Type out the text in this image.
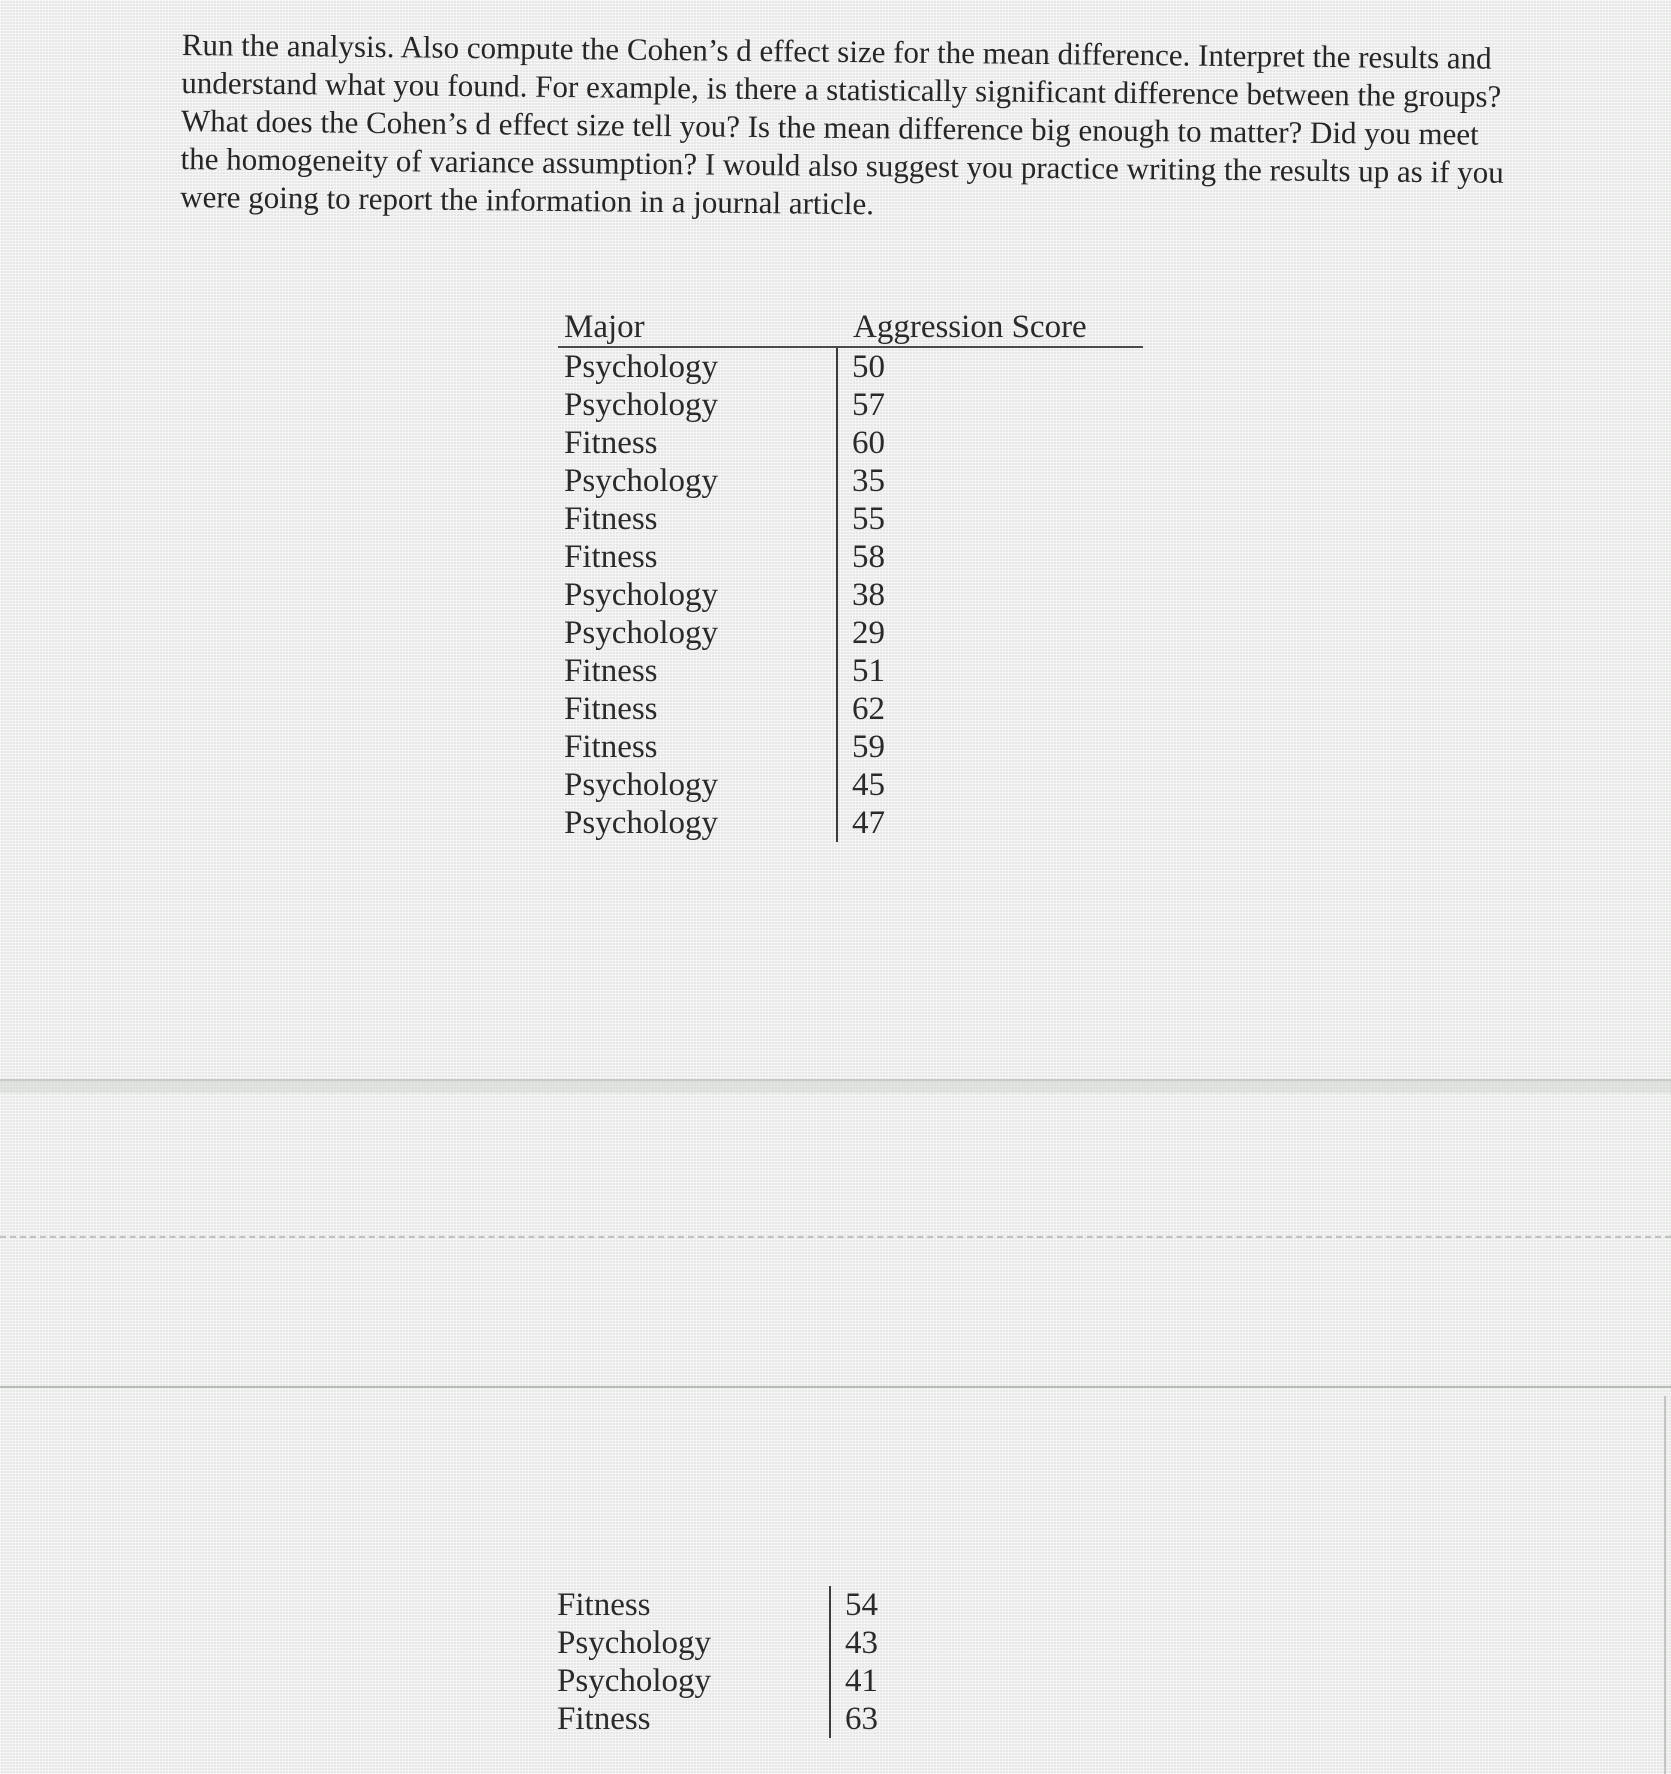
Run the analysis. Also compute the Cohen’s d effect size for the mean difference. Interpret the results and understand what you found. For example, is there a statistically significant difference between the groups? What does the Cohen’s d effect size tell you? Is the mean difference big enough to matter? Did you meet the homogeneity of variance assumption? I would also suggest you practice writing the results up as if you were going to report the information in a journal article.

Major	Aggression Score
Psychology	50
Psychology	57
Fitness	60
Psychology	35
Fitness	55
Fitness	58
Psychology	38
Psychology	29
Fitness	51
Fitness	62
Fitness	59
Psychology	45
Psychology	47
Fitness	54
Psychology	43
Psychology	41
Fitness	63
